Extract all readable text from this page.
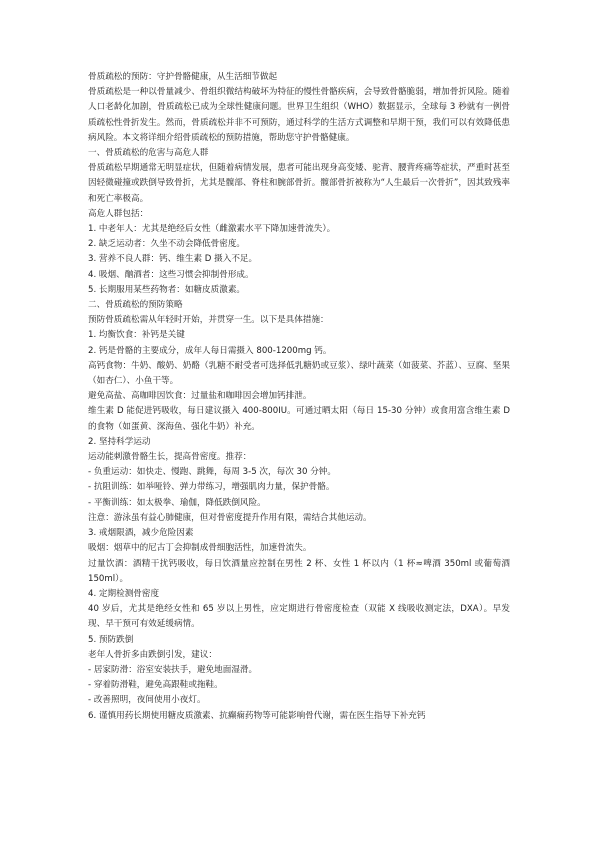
骨质疏松的预防：守护骨骼健康，从生活细节做起

骨质疏松是一种以骨量减少、骨组织微结构破坏为特征的慢性骨骼疾病，会导致骨骼脆弱，增加骨折风险。随着人口老龄化加剧，骨质疏松已成为全球性健康问题。世界卫生组织（WHO）数据显示，全球每 3 秒就有一例骨质疏松性骨折发生。然而，骨质疏松并非不可预防，通过科学的生活方式调整和早期干预，我们可以有效降低患病风险。本文将详细介绍骨质疏松的预防措施，帮助您守护骨骼健康。

一、骨质疏松的危害与高危人群

骨质疏松早期通常无明显症状，但随着病情发展，患者可能出现身高变矮、驼背、腰背疼痛等症状，严重时甚至因轻微碰撞或跌倒导致骨折，尤其是髋部、脊柱和腕部骨折。髋部骨折被称为“人生最后一次骨折”，因其致残率和死亡率极高。

高危人群包括：

1. 中老年人：尤其是绝经后女性（雌激素水平下降加速骨流失）。

2. 缺乏运动者：久坐不动会降低骨密度。

3. 营养不良人群：钙、维生素 D 摄入不足。

4. 吸烟、酗酒者：这些习惯会抑制骨形成。

5. 长期服用某些药物者：如糖皮质激素。

二、骨质疏松的预防策略

预防骨质疏松需从年轻时开始，并贯穿一生。以下是具体措施：

1. 均衡饮食：补钙是关键

2. 钙是骨骼的主要成分，成年人每日需摄入 800-1200mg 钙。

高钙食物：牛奶、酸奶、奶酪（乳糖不耐受者可选择低乳糖奶或豆浆）、绿叶蔬菜（如菠菜、芥蓝）、豆腐、坚果（如杏仁）、小鱼干等。

避免高盐、高咖啡因饮食：过量盐和咖啡因会增加钙排泄。

维生素 D 能促进钙吸收，每日建议摄入 400-800IU。可通过晒太阳（每日 15-30 分钟）或食用富含维生素 D 的食物（如蛋黄、深海鱼、强化牛奶）补充。

2. 坚持科学运动

运动能刺激骨骼生长，提高骨密度。推荐：

- 负重运动：如快走、慢跑、跳舞，每周 3-5 次，每次 30 分钟。

- 抗阻训练：如举哑铃、弹力带练习，增强肌肉力量，保护骨骼。

- 平衡训练：如太极拳、瑜伽，降低跌倒风险。

注意：游泳虽有益心肺健康，但对骨密度提升作用有限，需结合其他运动。

3. 戒烟限酒，减少危险因素

吸烟：烟草中的尼古丁会抑制成骨细胞活性，加速骨流失。

过量饮酒：酒精干扰钙吸收，每日饮酒量应控制在男性 2 杯、女性 1 杯以内（1 杯≈啤酒 350ml 或葡萄酒 150ml）。

4. 定期检测骨密度

40 岁后，尤其是绝经女性和 65 岁以上男性，应定期进行骨密度检查（双能 X 线吸收测定法，DXA）。早发现、早干预可有效延缓病情。

5. 预防跌倒

老年人骨折多由跌倒引发，建议：

- 居家防滑：浴室安装扶手，避免地面湿滑。

- 穿着防滑鞋，避免高跟鞋或拖鞋。

- 改善照明，夜间使用小夜灯。

6. 谨慎用药长期使用糖皮质激素、抗癫痫药物等可能影响骨代谢，需在医生指导下补充钙
